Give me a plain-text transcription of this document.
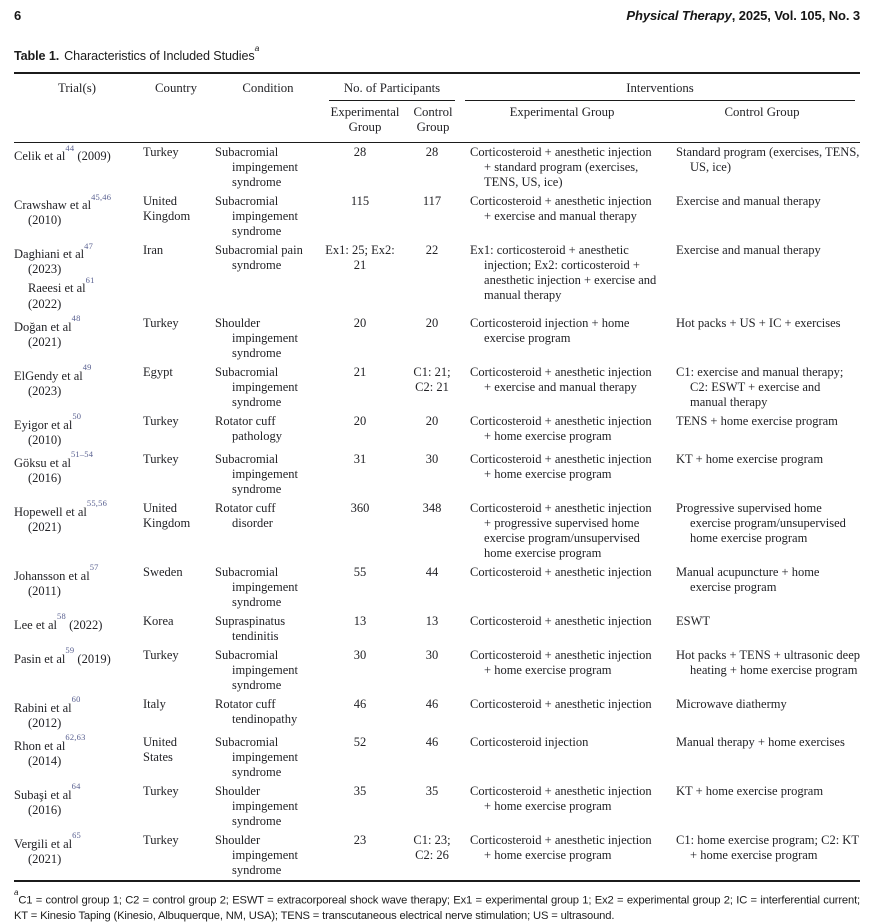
6	Physical Therapy, 2025, Vol. 105, No. 3
Table 1. Characteristics of Included Studies$^a$
Trial(s)	Country	Condition	No. of Participants		Interventions	

			Experimental Group	Control Group	Experimental Group	Control Group

Celik et al$^{44}$ (2009)	Turkey	Subacromial impingement syndrome	28	28	Corticosteroid + anesthetic injection + standard program (exercises, TENS, US, ice)	Standard program (exercises, TENS, US, ice)

Crawshaw et al$^{45,46}$
(2010)	United Kingdom	Subacromial impingement syndrome	115	117	Corticosteroid + anesthetic injection + exercise and manual therapy	Exercise and manual therapy

Daghiani et al$^{47}$
(2023)
Raeesi et al$^{61}$
(2022)	Iran	Subacromial pain syndrome	Ex1: 25; Ex2: 21	22	Ex1: corticosteroid + anesthetic injection; Ex2: corticosteroid + anesthetic injection + exercise and manual therapy	Exercise and manual therapy

Doğan et al$^{48}$
(2021)	Turkey	Shoulder impingement syndrome	20	20	Corticosteroid injection + home exercise program	Hot packs + US + IC + exercises

ElGendy et al$^{49}$
(2023)	Egypt	Subacromial impingement syndrome	21	C1: 21; C2: 21	Corticosteroid + anesthetic injection + exercise and manual therapy	C1: exercise and manual therapy; C2: ESWT + exercise and manual therapy

Eyigor et al$^{50}$
(2010)	Turkey	Rotator cuff pathology	20	20	Corticosteroid + anesthetic injection + home exercise program	TENS + home exercise program

Göksu et al$^{51-54}$
(2016)	Turkey	Subacromial impingement syndrome	31	30	Corticosteroid + anesthetic injection + home exercise program	KT + home exercise program

Hopewell et al$^{55,56}$
(2021)	United Kingdom	Rotator cuff disorder	360	348	Corticosteroid + anesthetic injection + progressive supervised home exercise program/unsupervised home exercise program	Progressive supervised home exercise program/unsupervised home exercise program

Johansson et al$^{57}$
(2011)	Sweden	Subacromial impingement syndrome	55	44	Corticosteroid + anesthetic injection	Manual acupuncture + home exercise program

Lee et al$^{58}$ (2022)	Korea	Supraspinatus tendinitis	13	13	Corticosteroid + anesthetic injection	ESWT

Pasin et al$^{59}$ (2019)	Turkey	Subacromial impingement syndrome	30	30	Corticosteroid + anesthetic injection + home exercise program	Hot packs + TENS + ultrasonic deep heating + home exercise program

Rabini et al$^{60}$
(2012)	Italy	Rotator cuff tendinopathy	46	46	Corticosteroid + anesthetic injection	Microwave diathermy

Rhon et al$^{62,63}$
(2014)	United States	Subacromial impingement syndrome	52	46	Corticosteroid injection	Manual therapy + home exercises

Subaşi et al$^{64}$
(2016)	Turkey	Shoulder impingement syndrome	35	35	Corticosteroid + anesthetic injection + home exercise program	KT + home exercise program

Vergili et al$^{65}$
(2021)	Turkey	Shoulder impingement syndrome	23	C1: 23; C2: 26	Corticosteroid + anesthetic injection + home exercise program	C1: home exercise program; C2: KT + home exercise program

$^a$C1 = control group 1; C2 = control group 2; ESWT = extracorporeal shock wave therapy; Ex1 = experimental group 1; Ex2 = experimental group 2; IC = interferential current; KT = Kinesio Taping (Kinesio, Albuquerque, NM, USA); TENS = transcutaneous electrical nerve stimulation; US = ultrasound.
